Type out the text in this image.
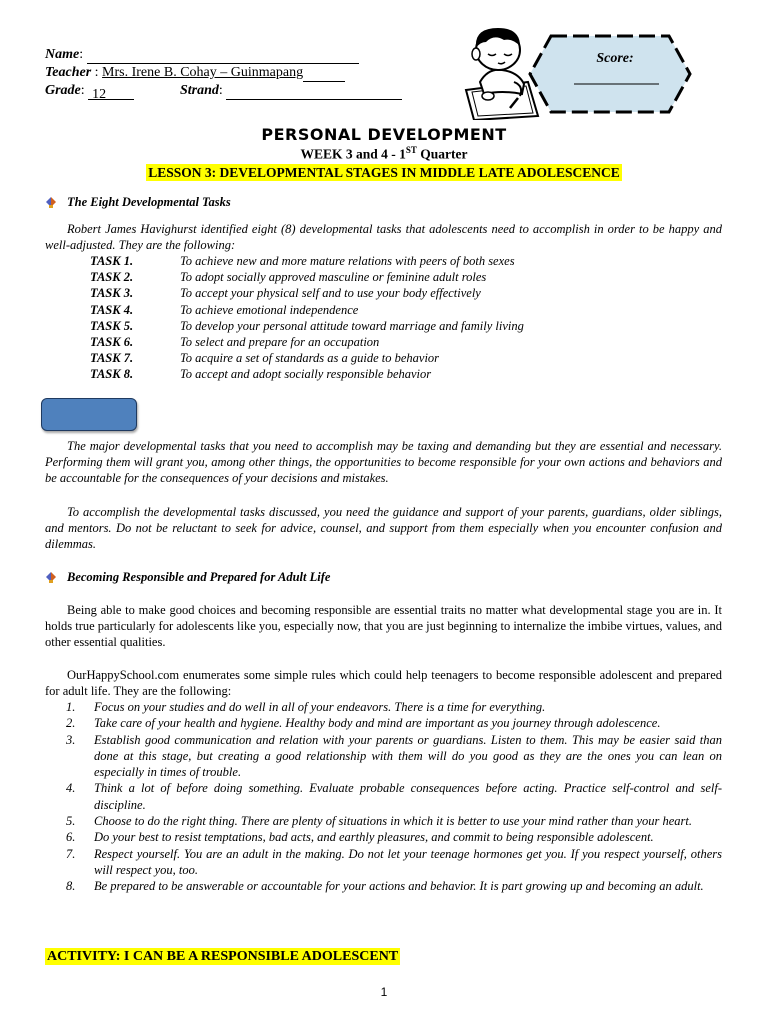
Name:
Teacher : Mrs. Irene B. Cohay – Guinmapang
Grade: 12	Strand:
Score:
PERSONAL DEVELOPMENT
WEEK 3 and 4 - 1ST Quarter
LESSON 3: DEVELOPMENTAL STAGES IN MIDDLE LATE ADOLESCENCE
The Eight Developmental Tasks
Robert James Havighurst identified eight (8) developmental tasks that adolescents need to accomplish in order to be happy and well-adjusted. They are the following:
TASK 1.	To achieve new and more mature relations with peers of both sexes
TASK 2.	To adopt socially approved masculine or feminine adult roles
TASK 3.	To accept your physical self and to use your body effectively
TASK 4.	To achieve emotional independence
TASK 5.	To develop your personal attitude toward marriage and family living
TASK 6.	To select and prepare for an occupation
TASK 7.	To acquire a set of standards as a guide to behavior
TASK 8.	To accept and adopt socially responsible behavior
The major developmental tasks that you need to accomplish may be taxing and demanding but they are essential and necessary. Performing them will grant you, among other things, the opportunities to become responsible for your own actions and behaviors and be accountable for the consequences of your decisions and mistakes.
To accomplish the developmental tasks discussed, you need the guidance and support of your parents, guardians, older siblings, and mentors. Do not be reluctant to seek for advice, counsel, and support from them especially when you encounter confusion and dilemmas.
Becoming Responsible and Prepared for Adult Life
Being able to make good choices and becoming responsible are essential traits no matter what developmental stage you are in. It holds true particularly for adolescents like you, especially now, that you are just beginning to internalize the imbibe virtues, values, and other essential qualities.
OurHappySchool.com enumerates some simple rules which could help teenagers to become responsible adolescent and prepared for adult life. They are the following:
1.	Focus on your studies and do well in all of your endeavors. There is a time for everything.
2.	Take care of your health and hygiene. Healthy body and mind are important as you journey through adolescence.
3.	Establish good communication and relation with your parents or guardians. Listen to them. This may be easier said than done at this stage, but creating a good relationship with them will do you good as they are the ones you can lean on especially in times of trouble.
4.	Think a lot of before doing something. Evaluate probable consequences before acting. Practice self-control and self-discipline.
5.	Choose to do the right thing. There are plenty of situations in which it is better to use your mind rather than your heart.
6.	Do your best to resist temptations, bad acts, and earthly pleasures, and commit to being responsible adolescent.
7.	Respect yourself. You are an adult in the making. Do not let your teenage hormones get you. If you respect yourself, others will respect you, too.
8.	Be prepared to be answerable or accountable for your actions and behavior. It is part growing up and becoming an adult.
ACTIVITY: I CAN BE A RESPONSIBLE ADOLESCENT
1
